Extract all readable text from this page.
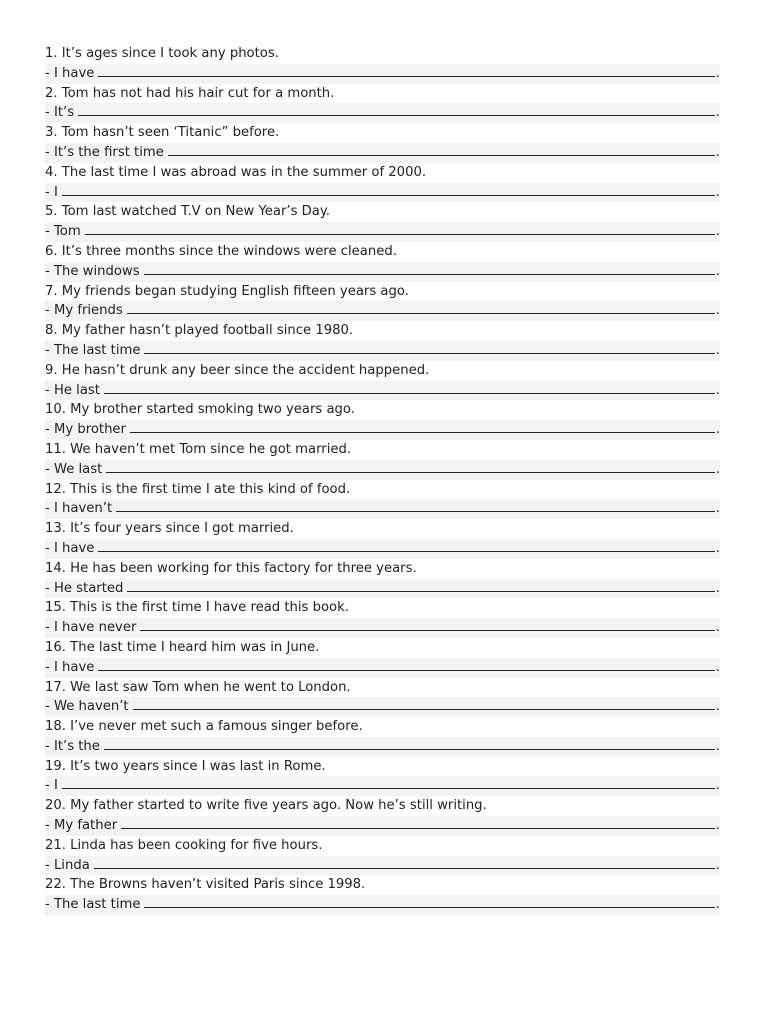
1. It’s ages since I took any photos.
- I have	.
2. Tom has not had his hair cut for a month.
- It’s	.
3. Tom hasn’t seen ‘Titanic” before.
- It’s the first time	.
4. The last time I was abroad was in the summer of 2000.
- I	.
5. Tom last watched T.V on New Year’s Day.
- Tom	.
6. It’s three months since the windows were cleaned.
- The windows	.
7. My friends began studying English fifteen years ago.
- My friends	.
8. My father hasn’t played football since 1980.
- The last time	.
9. He hasn’t drunk any beer since the accident happened.
- He last	.
10. My brother started smoking two years ago.
- My brother	.
11. We haven’t met Tom since he got married.
- We last	.
12. This is the first time I ate this kind of food.
- I haven’t	.
13. It’s four years since I got married.
- I have	.
14. He has been working for this factory for three years.
- He started	.
15. This is the first time I have read this book.
- I have never	.
16. The last time I heard him was in June.
- I have	.
17. We last saw Tom when he went to London.
- We haven’t	.
18. I’ve never met such a famous singer before.
- It’s the	.
19. It’s two years since I was last in Rome.
- I	.
20. My father started to write five years ago. Now he’s still writing.
- My father	.
21. Linda has been cooking for five hours.
- Linda	.
22. The Browns haven’t visited Paris since 1998.
- The last time	.
